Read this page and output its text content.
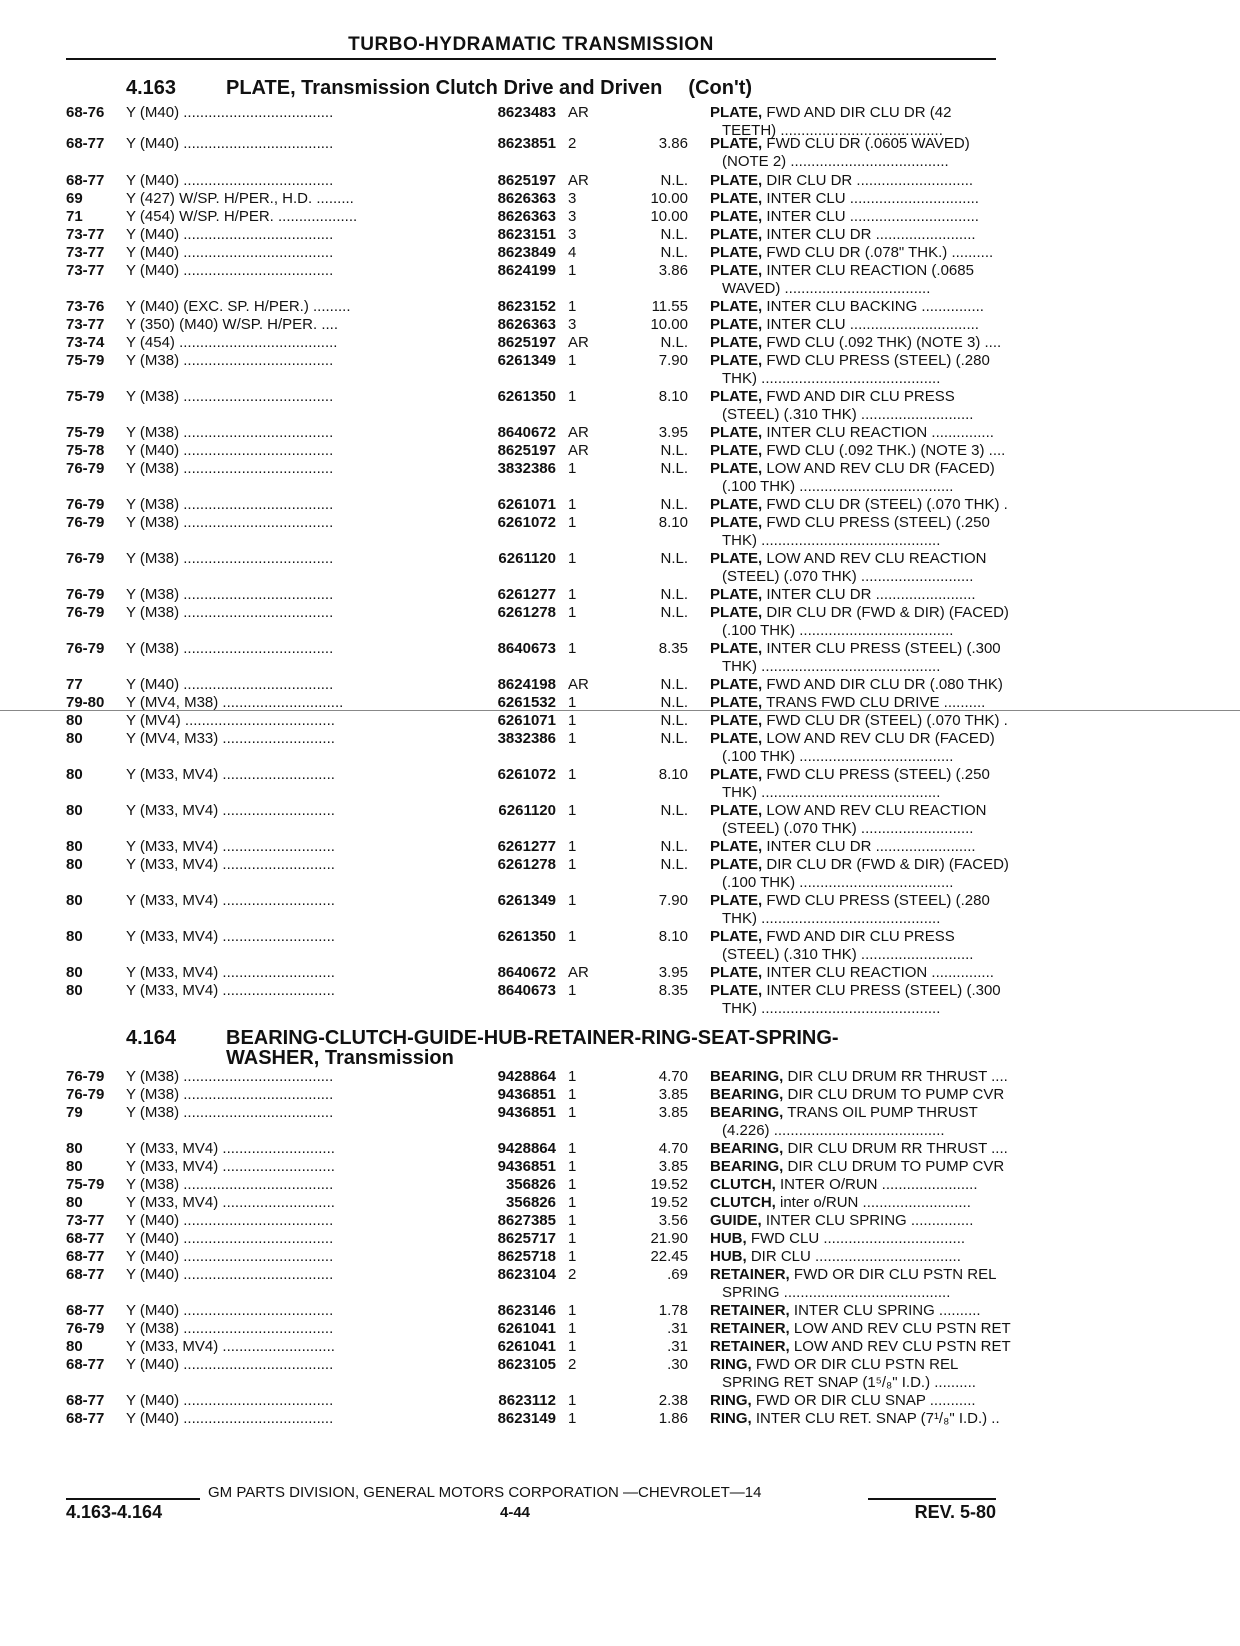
TURBO-HYDRAMATIC TRANSMISSION
4.163 PLATE, Transmission Clutch Drive and Driven (Con't)
68-76 Y (M40) ....................................	8623483 AR	PLATE, FWD AND DIR CLU DR (42
TEETH) .......................................
68-77 Y (M40) ....................................	8623851 2	3.86 PLATE, FWD CLU DR (.0605 WAVED)
(NOTE 2) ......................................
68-77 Y (M40) ....................................	8625197 AR	N.L. PLATE, DIR CLU DR ............................
69	Y (427) W/SP. H/PER., H.D. .........	8626363 3	10.00 PLATE, INTER CLU ...............................
71	Y (454) W/SP. H/PER. ...................	8626363 3	10.00 PLATE, INTER CLU ...............................
73-77 Y (M40) ....................................	8623151 3	N.L. PLATE, INTER CLU DR ........................
73-77 Y (M40) ....................................	8623849 4	N.L. PLATE, FWD CLU DR (.078" THK.) ..........
73-77 Y (M40) ....................................	8624199 1	3.86 PLATE, INTER CLU REACTION (.0685
WAVED) ...................................
73-76 Y (M40) (EXC. SP. H/PER.) .........	8623152 1	11.55 PLATE, INTER CLU BACKING ...............
73-77 Y (350) (M40) W/SP. H/PER. ....	8626363 3	10.00 PLATE, INTER CLU ...............................
73-74 Y (454) ......................................	8625197 AR	N.L. PLATE, FWD CLU (.092 THK) (NOTE 3) ....
75-79 Y (M38) ....................................	6261349 1	7.90 PLATE, FWD CLU PRESS (STEEL) (.280
THK) ...........................................
75-79 Y (M38) ....................................	6261350 1	8.10 PLATE, FWD AND DIR CLU PRESS
(STEEL) (.310 THK) ...........................
75-79 Y (M38) ....................................	8640672 AR	3.95 PLATE, INTER CLU REACTION ...............
75-78 Y (M40) ....................................	8625197 AR	N.L. PLATE, FWD CLU (.092 THK.) (NOTE 3) ....
76-79 Y (M38) ....................................	3832386 1	N.L. PLATE, LOW AND REV CLU DR (FACED)
(.100 THK) .....................................
76-79 Y (M38) ....................................	6261071 1	N.L. PLATE, FWD CLU DR (STEEL) (.070 THK) .
76-79 Y (M38) ....................................	6261072 1	8.10 PLATE, FWD CLU PRESS (STEEL) (.250
THK) ...........................................
76-79 Y (M38) ....................................	6261120 1	N.L. PLATE, LOW AND REV CLU REACTION
(STEEL) (.070 THK) ...........................
76-79 Y (M38) ....................................	6261277 1	N.L. PLATE, INTER CLU DR ........................
76-79 Y (M38) ....................................	6261278 1	N.L. PLATE, DIR CLU DR (FWD & DIR) (FACED)
(.100 THK) .....................................
76-79 Y (M38) ....................................	8640673 1	8.35 PLATE, INTER CLU PRESS (STEEL) (.300
THK) ...........................................
77	Y (M40) ....................................	8624198 AR	N.L. PLATE, FWD AND DIR CLU DR (.080 THK)
79-80 Y (MV4, M38) .............................	6261532 1	N.L. PLATE, TRANS FWD CLU DRIVE ..........
80	Y (MV4) ....................................	6261071 1	N.L. PLATE, FWD CLU DR (STEEL) (.070 THK) .
80	Y (MV4, M33) ...........................	3832386 1	N.L. PLATE, LOW AND REV CLU DR (FACED)
(.100 THK) .....................................
80	Y (M33, MV4) ...........................	6261072 1	8.10 PLATE, FWD CLU PRESS (STEEL) (.250
THK) ...........................................
80	Y (M33, MV4) ...........................	6261120 1	N.L. PLATE, LOW AND REV CLU REACTION
(STEEL) (.070 THK) ...........................
80	Y (M33, MV4) ...........................	6261277 1	N.L. PLATE, INTER CLU DR ........................
80	Y (M33, MV4) ...........................	6261278 1	N.L. PLATE, DIR CLU DR (FWD & DIR) (FACED)
(.100 THK) .....................................
80	Y (M33, MV4) ...........................	6261349 1	7.90 PLATE, FWD CLU PRESS (STEEL) (.280
THK) ...........................................
80	Y (M33, MV4) ...........................	6261350 1	8.10 PLATE, FWD AND DIR CLU PRESS
(STEEL) (.310 THK) ...........................
80	Y (M33, MV4) ...........................	8640672 AR	3.95 PLATE, INTER CLU REACTION ...............
80	Y (M33, MV4) ...........................	8640673 1	8.35 PLATE, INTER CLU PRESS (STEEL) (.300
THK) ...........................................
4.164 BEARING-CLUTCH-GUIDE-HUB-RETAINER-RING-SEAT-SPRING-
WASHER, Transmission
76-79 Y (M38) ....................................	9428864 1	4.70 BEARING, DIR CLU DRUM RR THRUST ....
76-79 Y (M38) ....................................	9436851 1	3.85 BEARING, DIR CLU DRUM TO PUMP CVR
79	Y (M38) ....................................	9436851 1	3.85 BEARING, TRANS OIL PUMP THRUST
(4.226) .........................................
80	Y (M33, MV4) ...........................	9428864 1	4.70 BEARING, DIR CLU DRUM RR THRUST ....
80	Y (M33, MV4) ...........................	9436851 1	3.85 BEARING, DIR CLU DRUM TO PUMP CVR
75-79 Y (M38) ....................................	356826 1	19.52 CLUTCH, INTER O/RUN .......................
80	Y (M33, MV4) ...........................	356826 1	19.52 CLUTCH, inter o/RUN ..........................
73-77 Y (M40) ....................................	8627385 1	3.56 GUIDE, INTER CLU SPRING ...............
68-77 Y (M40) ....................................	8625717 1	21.90 HUB, FWD CLU ..................................
68-77 Y (M40) ....................................	8625718 1	22.45 HUB, DIR CLU ...................................
68-77 Y (M40) ....................................	8623104 2	.69 RETAINER, FWD OR DIR CLU PSTN REL
SPRING ........................................
68-77 Y (M40) ....................................	8623146 1	1.78 RETAINER, INTER CLU SPRING ..........
76-79 Y (M38) ....................................	6261041 1	.31 RETAINER, LOW AND REV CLU PSTN RET
80	Y (M33, MV4) ...........................	6261041 1	.31 RETAINER, LOW AND REV CLU PSTN RET
68-77 Y (M40) ....................................	8623105 2	.30 RING, FWD OR DIR CLU PSTN REL
SPRING RET SNAP (1⁵/₈" I.D.) ..........
68-77 Y (M40) ....................................	8623112 1	2.38 RING, FWD OR DIR CLU SNAP ...........
68-77 Y (M40) ....................................	8623149 1	1.86 RING, INTER CLU RET. SNAP (7¹/₈" I.D.) ..
GM PARTS DIVISION, GENERAL MOTORS CORPORATION —CHEVROLET—14
4.163-4.164	4-44	REV. 5-80
